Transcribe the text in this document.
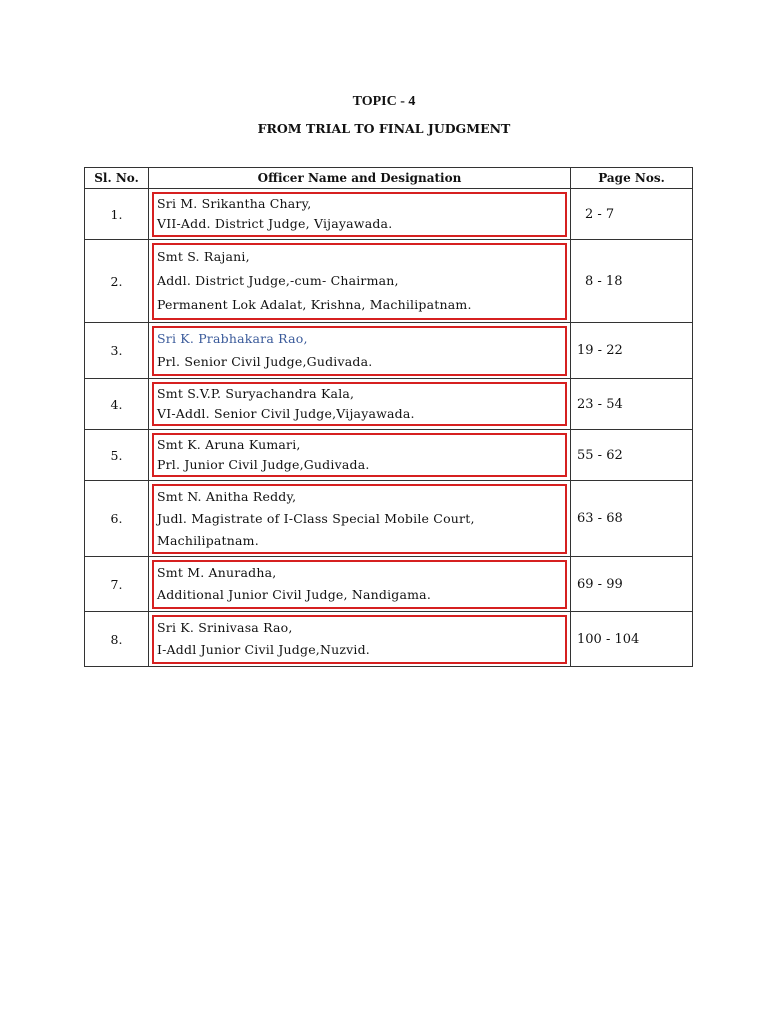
TOPIC - 4
FROM TRIAL TO FINAL JUDGMENT
Sl. No.	Officer Name and Designation	Page Nos.
1.	Sri M. Srikantha Chary,
VII-Add. District Judge, Vijayawada.	2 - 7
2.	Smt S. Rajani,
Addl. District Judge,-cum- Chairman,
Permanent Lok Adalat, Krishna, Machilipatnam.	8 - 18
3.	Sri K. Prabhakara Rao,
Prl. Senior Civil Judge,Gudivada.	19 - 22
4.	Smt S.V.P. Suryachandra Kala,
VI-Addl. Senior Civil Judge,Vijayawada.	23 - 54
5.	Smt K. Aruna Kumari,
Prl. Junior Civil Judge,Gudivada.	55 - 62
6.	Smt N. Anitha Reddy,
Judl. Magistrate of I-Class Special Mobile Court,
Machilipatnam.	63 - 68
7.	Smt M. Anuradha,
Additional Junior Civil Judge, Nandigama.	69 - 99
8.	Sri K. Srinivasa Rao,
I-Addl Junior Civil Judge,Nuzvid.	100 - 104
